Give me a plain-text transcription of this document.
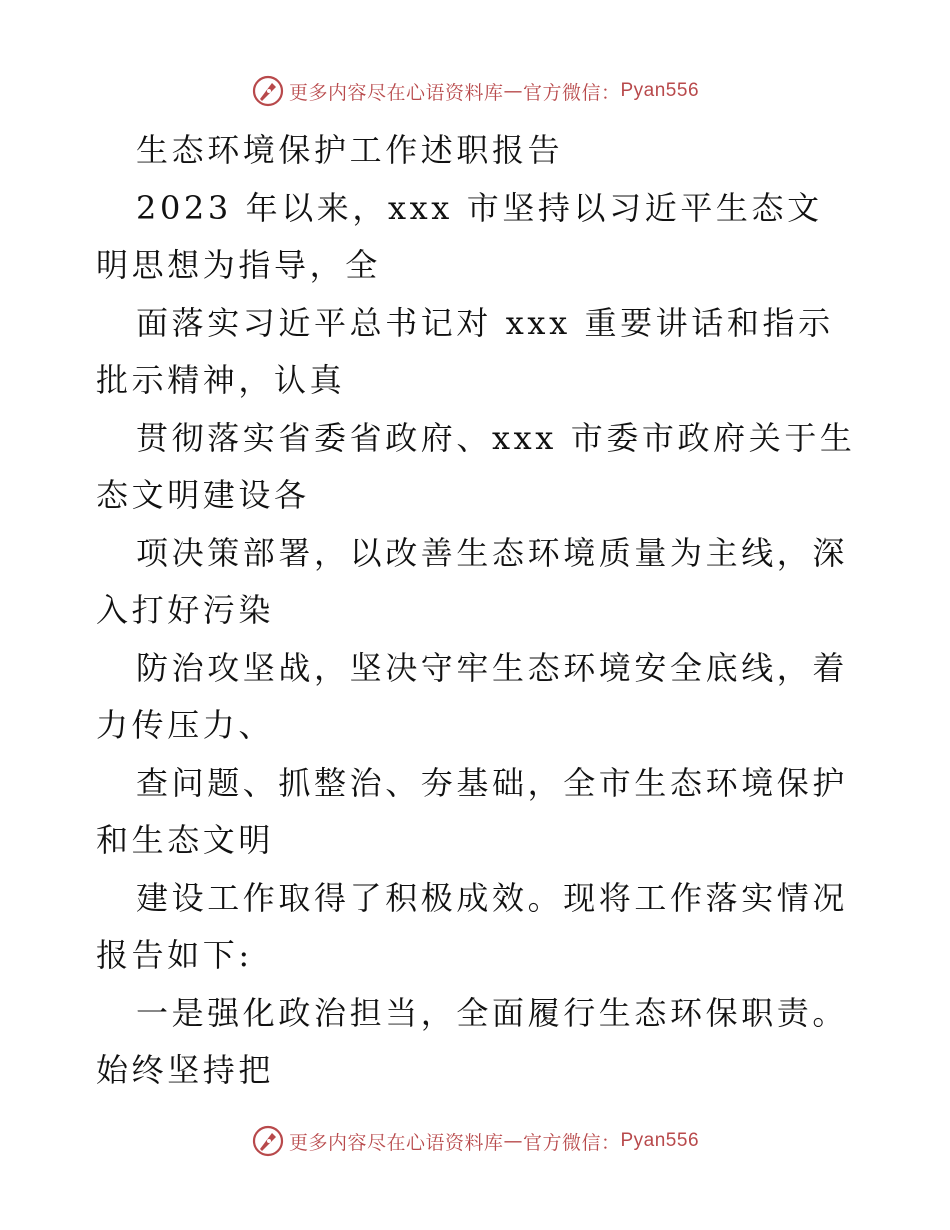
更多内容尽在心语资料库 — 官方微信： Pyan556

生态环境保护工作述职报告

2023 年以来，xxx 市坚持以习近平生态文明思想为指导，全

面落实习近平总书记对 xxx 重要讲话和指示批示精神，认真

贯彻落实省委省政府、xxx 市委市政府关于生态文明建设各

项决策部署，以改善生态环境质量为主线，深入打好污染

防治攻坚战，坚决守牢生态环境安全底线，着力传压力、

查问题、抓整治、夯基础，全市生态环境保护和生态文明

建设工作取得了积极成效。现将工作落实情况报告如下:

一是强化政治担当，全面履行生态环保职责。始终坚持把

更多内容尽在心语资料库 — 官方微信： Pyan556
